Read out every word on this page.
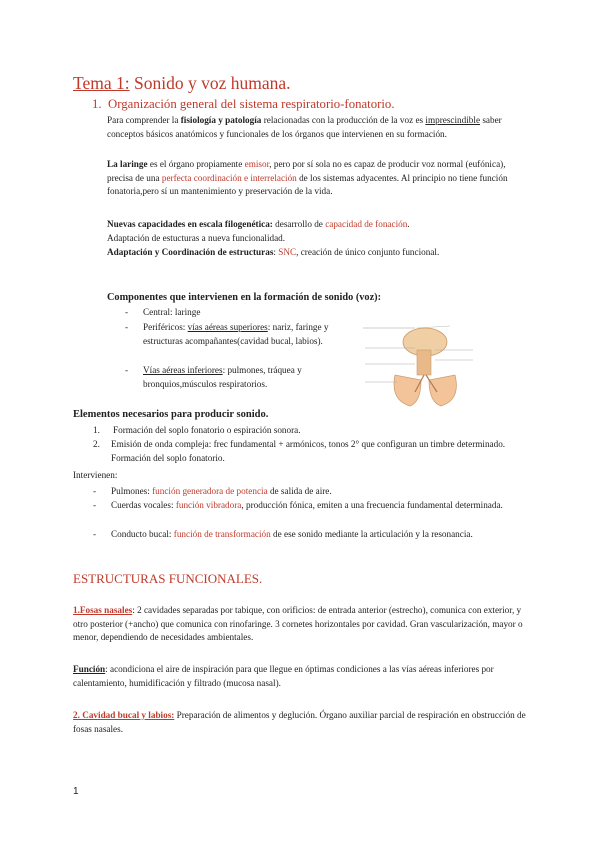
Tema 1: Sonido y voz humana.
1. Organización general del sistema respiratorio-fonatorio.
Para comprender la fisiología y patología relacionadas con la producción de la voz es imprescindible saber conceptos básicos anatómicos y funcionales de los órganos que intervienen en su formación.
La laringe es el órgano propiamente emisor, pero por sí sola no es capaz de producir voz normal (eufónica), precisa de una perfecta coordinación e interrelación de los sistemas adyacentes. Al principio no tiene función fonatoria,pero sí un mantenimiento y preservación de la vida.
Nuevas capacidades en escala filogenética: desarrollo de capacidad de fonación.
Adaptación de estucturas a nueva funcionalidad.
Adaptación y Coordinación de estructuras: SNC, creación de único conjunto funcional.
Componentes que intervienen en la formación de sonido (voz):
- Central: laringe
- Periféricos: vías aéreas superiores: nariz, faringe y estructuras acompañantes(cavidad bucal, labios).
- Vías aéreas inferiores: pulmones, tráquea y bronquios,músculos respiratorios.
Elementos necesarios para producir sonido.
1. Formación del soplo fonatorio o espiración sonora.
2. Emisión de onda compleja: frec fundamental + armónicos, tonos 2° que configuran un timbre determinado. Formación del soplo fonatorio.
Intervienen:
- Pulmones: función generadora de potencia de salida de aire.
- Cuerdas vocales: función vibradora, producción fónica, emiten a una frecuencia fundamental determinada.
- Conducto bucal: función de transformación de ese sonido mediante la articulación y la resonancia.
ESTRUCTURAS FUNCIONALES.
1.Fosas nasales: 2 cavidades separadas por tabique, con orificios: de entrada anterior (estrecho), comunica con exterior, y otro posterior (+ancho) que comunica con rinofaringe. 3 cornetes horizontales por cavidad. Gran vascularización, mayor o menor, dependiendo de necesidades ambientales.
Función: acondiciona el aire de inspiración para que llegue en óptimas condiciones a las vías aéreas inferiores por calentamiento, humidificación y filtrado (mucosa nasal).
2. Cavidad bucal y labios: Preparación de alimentos y deglución. Órgano auxiliar parcial de respiración en obstrucción de fosas nasales.
1
